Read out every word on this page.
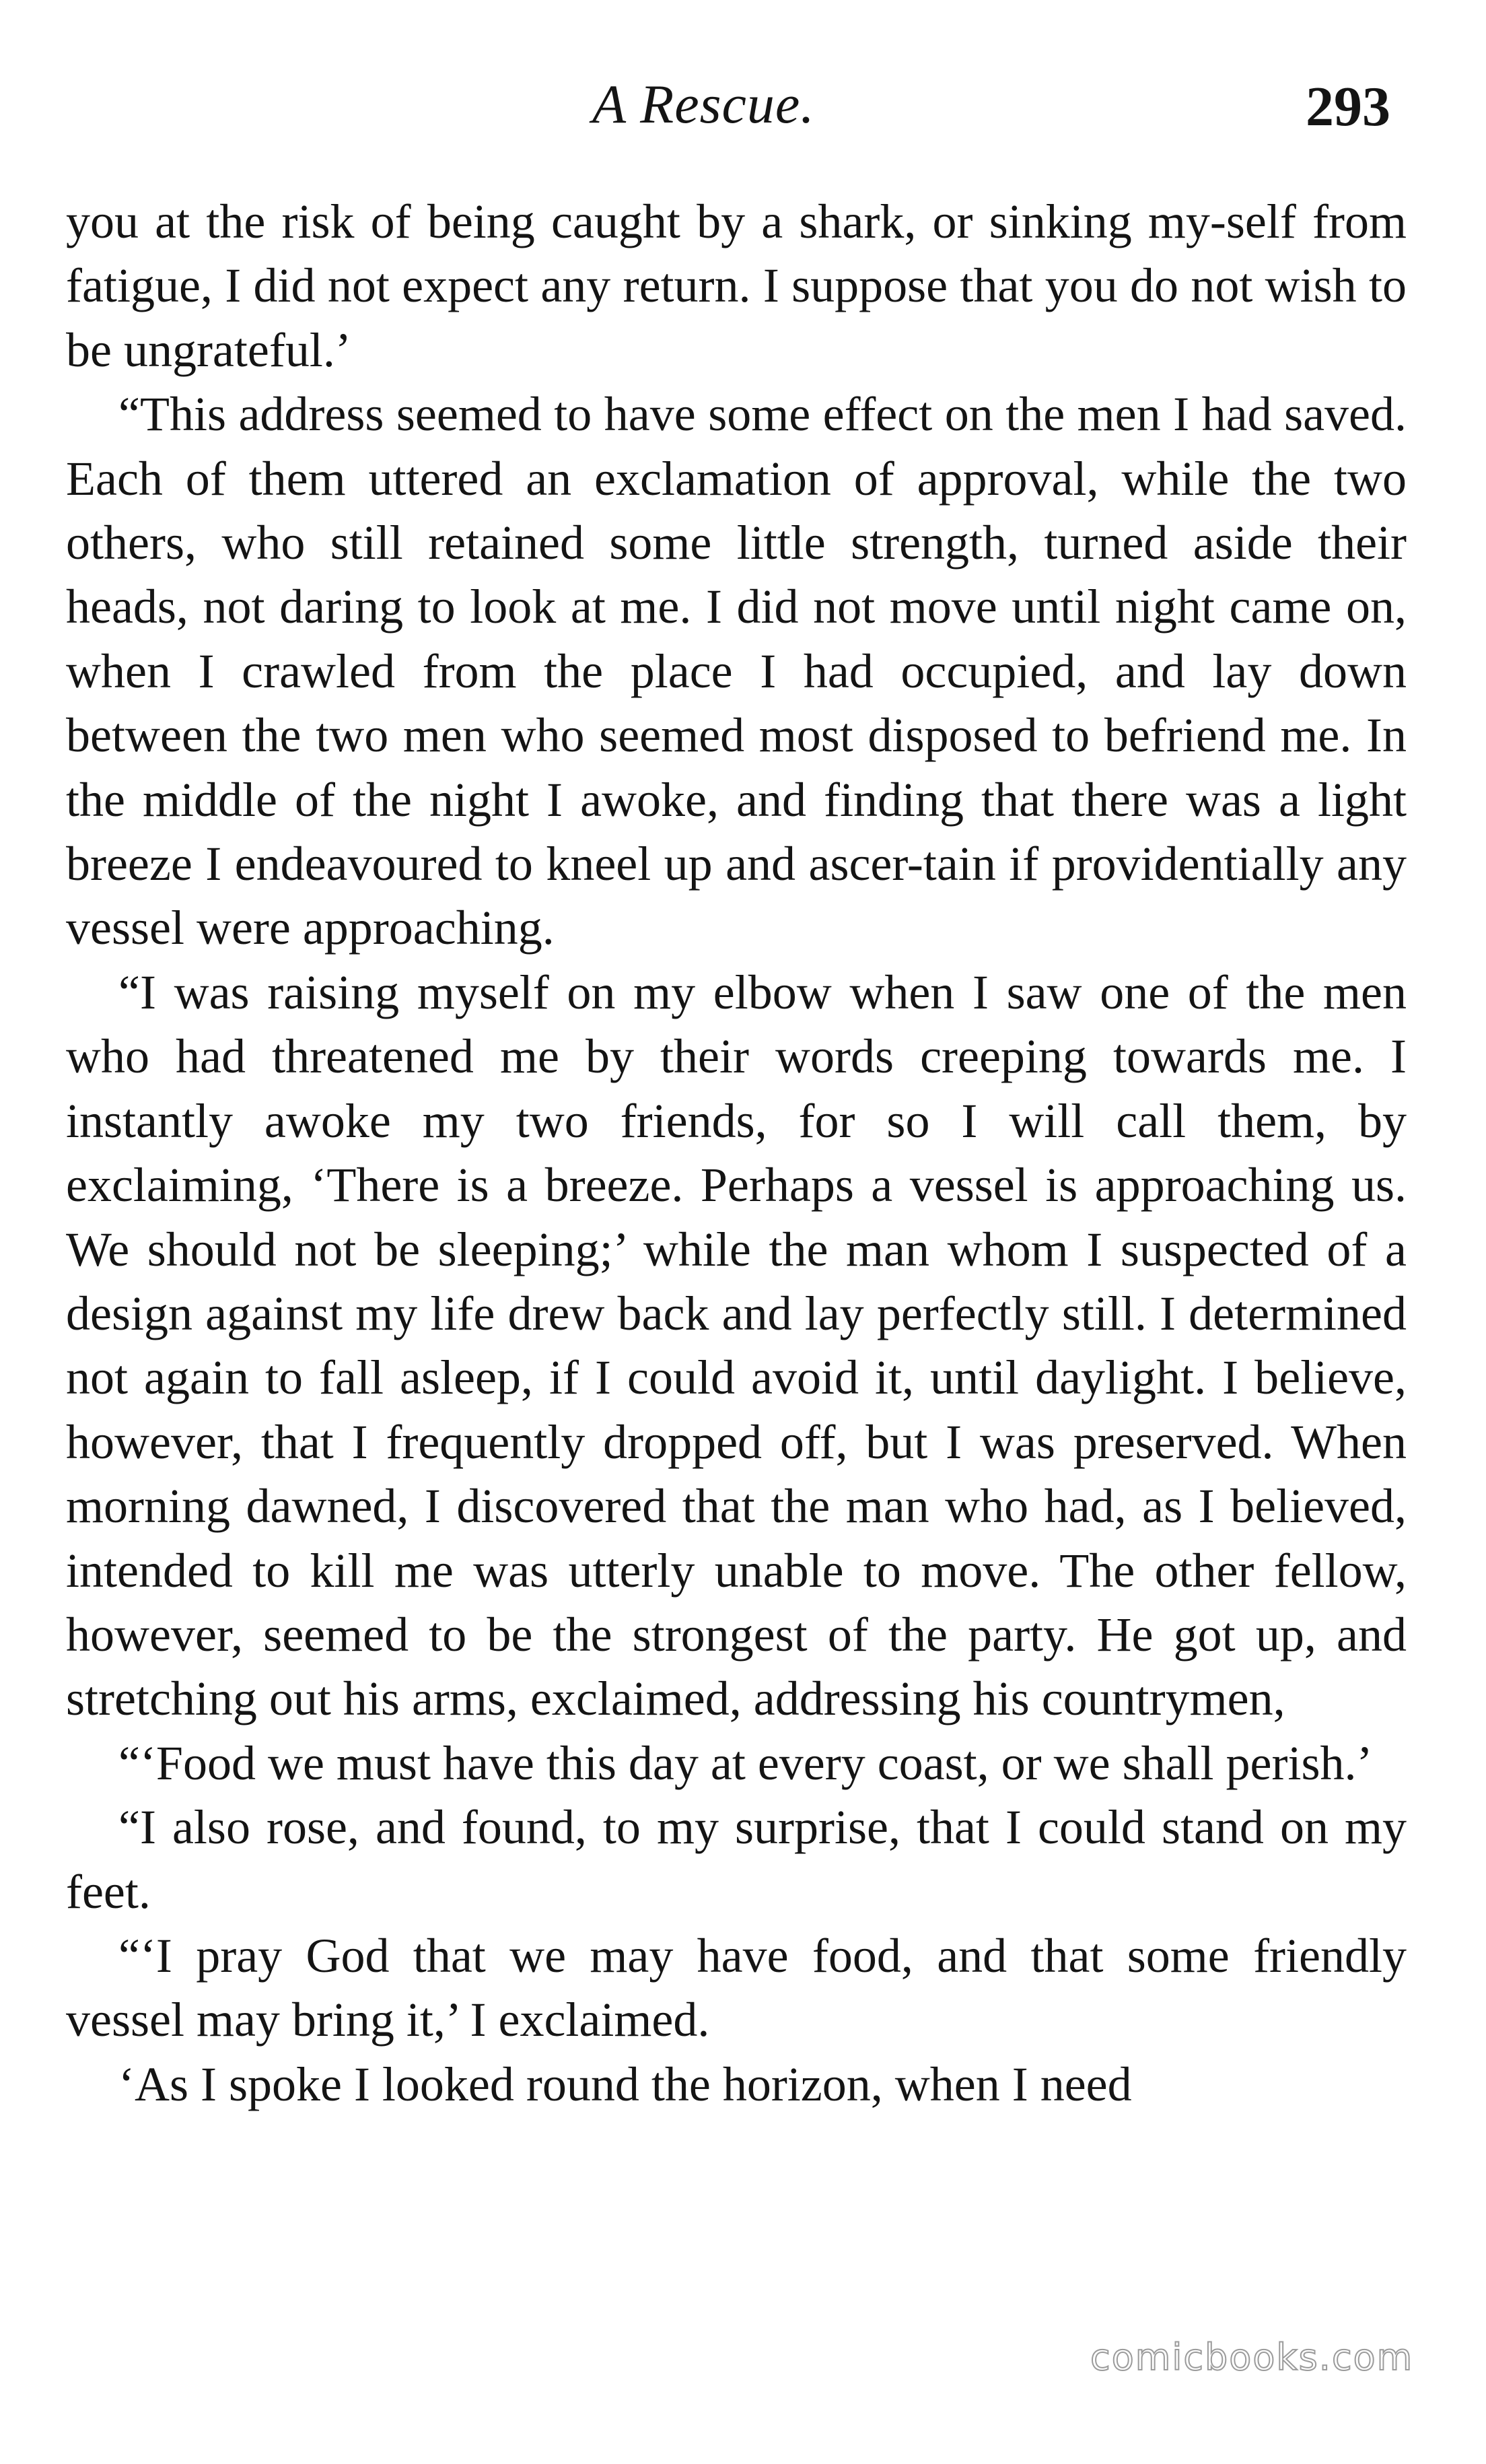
A Rescue.	293

you at the risk of being caught by a shark, or sinking my-self from fatigue, I did not expect any return. I suppose that you do not wish to be ungrateful.’

“This address seemed to have some effect on the men I had saved. Each of them uttered an exclamation of approval, while the two others, who still retained some little strength, turned aside their heads, not daring to look at me. I did not move until night came on, when I crawled from the place I had occupied, and lay down between the two men who seemed most disposed to befriend me. In the middle of the night I awoke, and finding that there was a light breeze I endeavoured to kneel up and ascer-tain if providentially any vessel were approaching.

“I was raising myself on my elbow when I saw one of the men who had threatened me by their words creeping towards me. I instantly awoke my two friends, for so I will call them, by exclaiming, ‘There is a breeze. Perhaps a vessel is approaching us. We should not be sleeping;’ while the man whom I suspected of a design against my life drew back and lay perfectly still. I determined not again to fall asleep, if I could avoid it, until daylight. I believe, however, that I frequently dropped off, but I was preserved. When morning dawned, I discovered that the man who had, as I believed, intended to kill me was utterly unable to move. The other fellow, however, seemed to be the strongest of the party. He got up, and stretching out his arms, exclaimed, addressing his countrymen,

“‘Food we must have this day at every coast, or we shall perish.’

“I also rose, and found, to my surprise, that I could stand on my feet.

“‘I pray God that we may have food, and that some friendly vessel may bring it,’ I exclaimed.

‘As I spoke I looked round the horizon, when I need

comicbooks.com
